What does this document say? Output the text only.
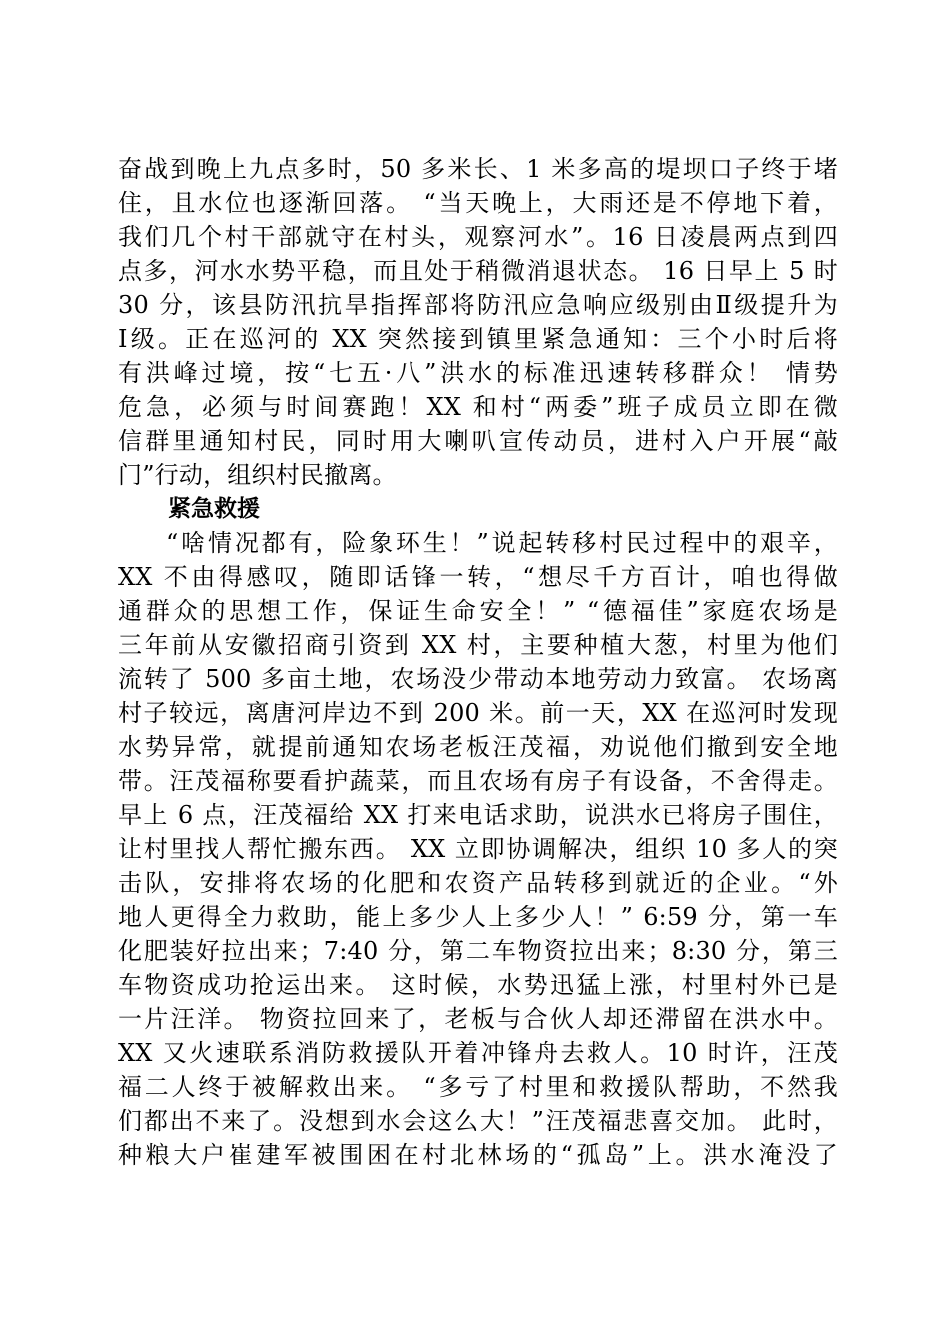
奋战到晚上九点多时，50 多米长、1 米多高的堤坝口子终于堵
住，且水位也逐渐回落。 “当天晚上，大雨还是不停地下着，
我们几个村干部就守在村头，观察河水”。16 日凌晨两点到四
点多，河水水势平稳，而且处于稍微消退状态。 16 日早上 5 时
30 分，该县防汛抗旱指挥部将防汛应急响应级别由Ⅱ级提升为
Ⅰ级。正在巡河的 XX 突然接到镇里紧急通知：三个小时后将
有洪峰过境，按“七五·八”洪水的标准迅速转移群众！ 情势
危急，必须与时间赛跑！XX 和村“两委”班子成员立即在微
信群里通知村民，同时用大喇叭宣传动员，进村入户开展“敲
门”行动，组织村民撤离。
紧急救援
“啥情况都有，险象环生！”说起转移村民过程中的艰辛，
XX 不由得感叹，随即话锋一转，“想尽千方百计，咱也得做
通群众的思想工作，保证生命安全！” “德福佳”家庭农场是
三年前从安徽招商引资到 XX 村，主要种植大葱，村里为他们
流转了 500 多亩土地，农场没少带动本地劳动力致富。 农场离
村子较远，离唐河岸边不到 200 米。前一天，XX 在巡河时发现
水势异常，就提前通知农场老板汪茂福，劝说他们撤到安全地
带。汪茂福称要看护蔬菜，而且农场有房子有设备，不舍得走。
早上 6 点，汪茂福给 XX 打来电话求助，说洪水已将房子围住，
让村里找人帮忙搬东西。 XX 立即协调解决，组织 10 多人的突
击队，安排将农场的化肥和农资产品转移到就近的企业。“外
地人更得全力救助，能上多少人上多少人！” 6:59 分，第一车
化肥装好拉出来；7:40 分，第二车物资拉出来；8:30 分，第三
车物资成功抢运出来。 这时候，水势迅猛上涨，村里村外已是
一片汪洋。 物资拉回来了，老板与合伙人却还滞留在洪水中。
XX 又火速联系消防救援队开着冲锋舟去救人。10 时许，汪茂
福二人终于被解救出来。 “多亏了村里和救援队帮助，不然我
们都出不来了。没想到水会这么大！”汪茂福悲喜交加。 此时，
种粮大户崔建军被围困在村北林场的“孤岛”上。洪水淹没了
